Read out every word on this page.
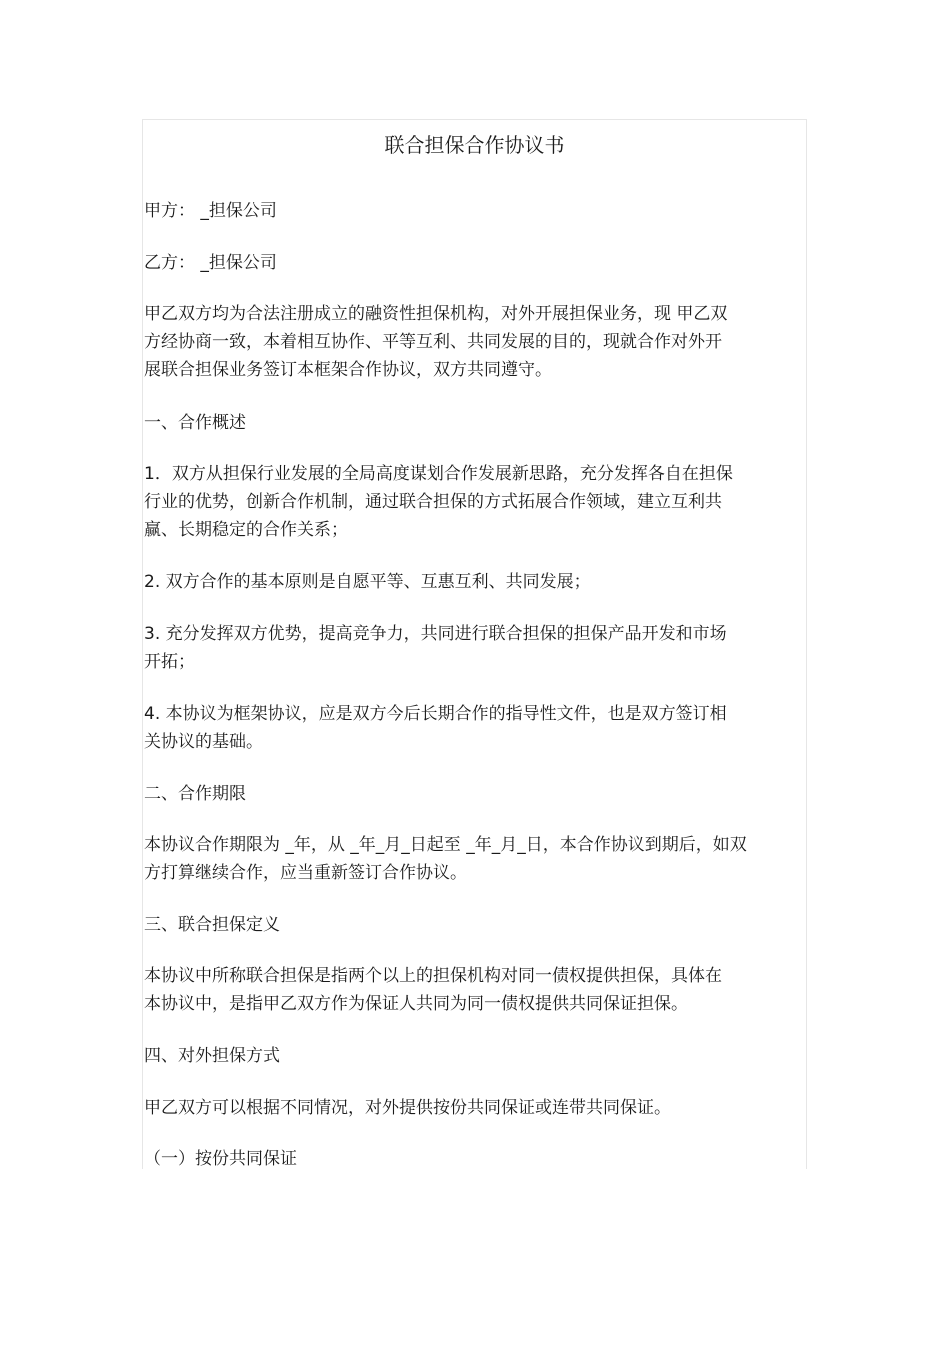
联合担保合作协议书
甲方： _担保公司
乙方： _担保公司
甲乙双方均为合法注册成立的融资性担保机构，对外开展担保业务，现 甲乙双
方经协商一致，本着相互协作、平等互利、共同发展的目的，现就合作对外开
展联合担保业务签订本框架合作协议，双方共同遵守。
一、合作概述
1．双方从担保行业发展的全局高度谋划合作发展新思路，充分发挥各自在担保
行业的优势，创新合作机制，通过联合担保的方式拓展合作领域，建立互利共
赢、长期稳定的合作关系；
2. 双方合作的基本原则是自愿平等、互惠互利、共同发展；
3. 充分发挥双方优势，提高竞争力，共同进行联合担保的担保产品开发和市场
开拓；
4. 本协议为框架协议，应是双方今后长期合作的指导性文件，也是双方签订相
关协议的基础。
二、合作期限
本协议合作期限为 _年，从 _年_月_日起至 _年_月_日，本合作协议到期后，如双
方打算继续合作，应当重新签订合作协议。
三、联合担保定义
本协议中所称联合担保是指两个以上的担保机构对同一债权提供担保，具体在
本协议中，是指甲乙双方作为保证人共同为同一债权提供共同保证担保。
四、对外担保方式
甲乙双方可以根据不同情况，对外提供按份共同保证或连带共同保证。
（一）按份共同保证
